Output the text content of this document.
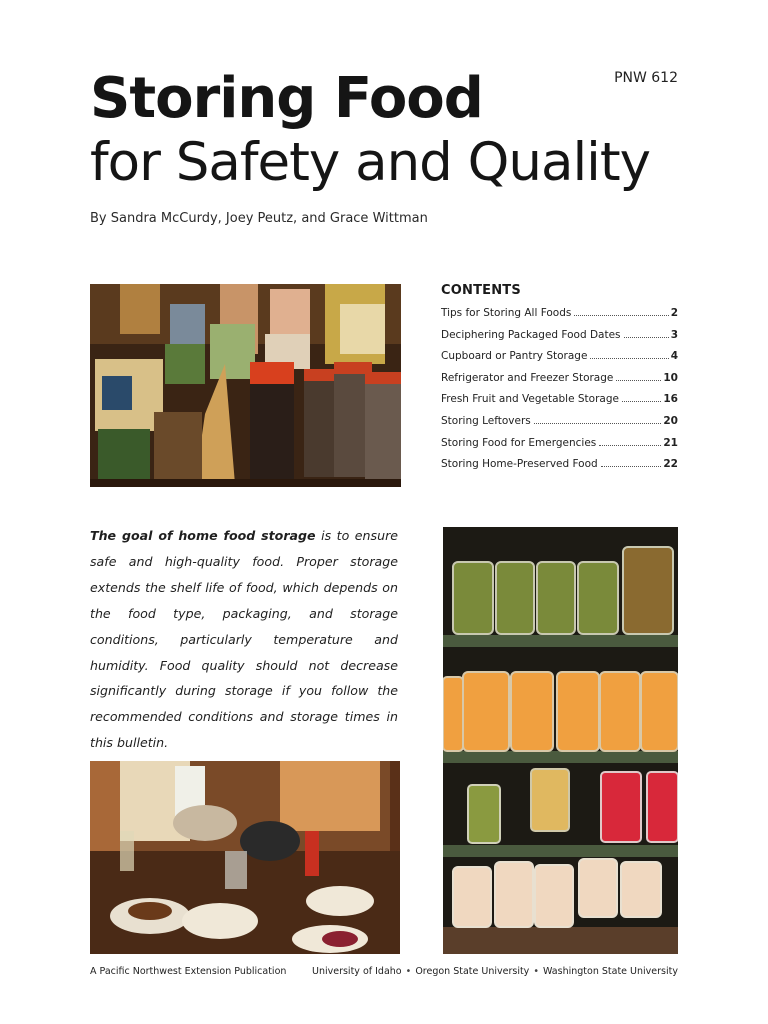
PNW 612
Storing Food
for Safety and Quality
By Sandra McCurdy, Joey Peutz, and Grace Wittman
CONTENTS
Tips for Storing All Foods	2
Deciphering Packaged Food Dates	3
Cupboard or Pantry Storage	4
Refrigerator and Freezer Storage	10
Fresh Fruit and Vegetable Storage	16
Storing Leftovers	20
Storing Food for Emergencies	21
Storing Home-Preserved Food	22

The goal of home food storage is to ensure safe and high-quality food. Proper storage extends the shelf life of food, which depends on the food type, packaging, and storage conditions, particularly temperature and humidity. Food quality should not decrease significantly during storage if you follow the recommended conditions and storage times in this bulletin.

A Pacific Northwest Extension Publication	University of Idaho • Oregon State University • Washington State University
